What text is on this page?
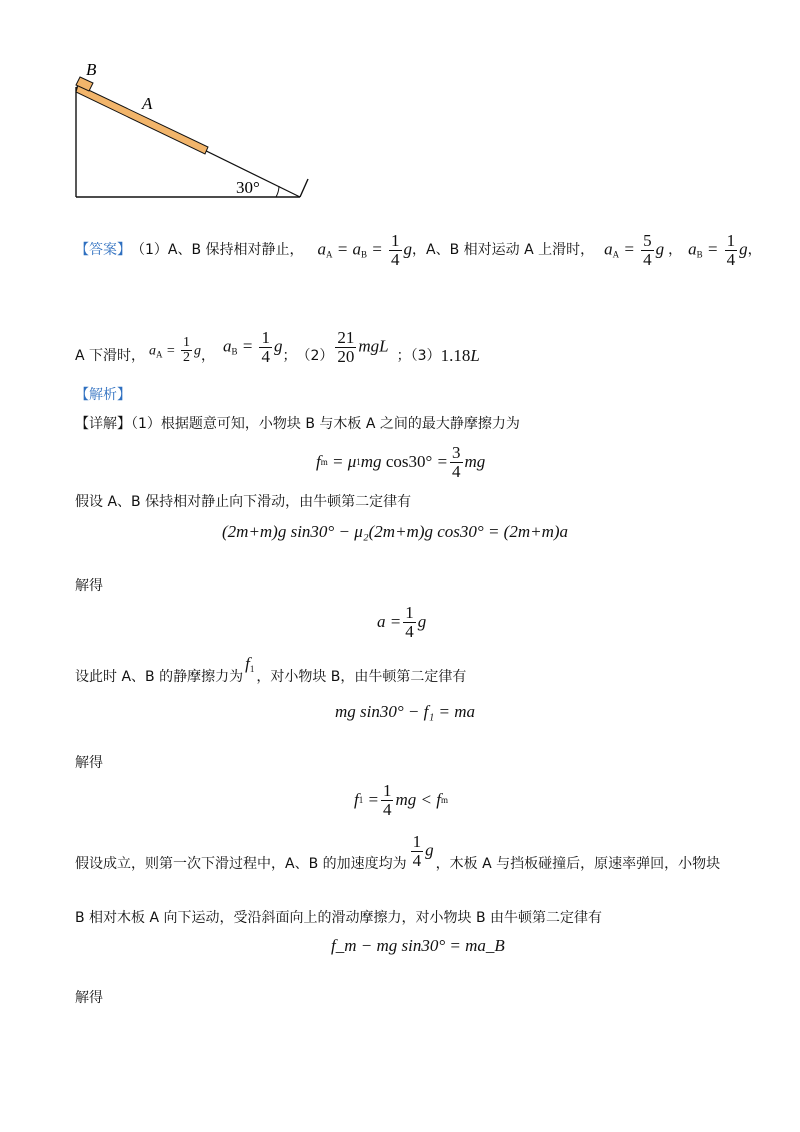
B
A
30°
【答案】 （1）A、B 保持相对静止， $a_A = a_B = \frac{1}{4}$ g ，A、B 相对运动 A 上滑时， $a_A = \frac{5}{4}$ g ， $a_B = \frac{1}{4}$ g ，
A 下滑时， $a_A = \frac{1}{2}$ g ，
$a_B = \frac{1}{4}$ g
； $(2) \frac{21}{20}$ mgL
；（3） 1.18L
【解析】
【详解】（1）根据题意可知，小物块 B 与木板 A 之间的最大静摩擦力为
f m = μ 1 mg
$\cos 30^\circ = \frac{3}{4}$ mg
假设 A、B 保持相对静止向下滑动，由牛顿第二定律有
(2m+m)g sin30° − μ₂(2m+m)g cos30° = (2m+m)a
解得
$a = \frac{1}{4}$ g
设此时 A、B 的静摩擦力为
$f_1$ ，对小物块 B，由牛顿第二定律有
mg sin30° − f₁ = ma
解得
f $1 = \frac{1}{4}$ mg < f m
假设成立，则第一次下滑过程中，A、B 的加速度均为 $\frac{1}{4}$ g
，木板 A 与挡板碰撞后，原速率弹回，小物块
B 相对木板 A 向下运动，受沿斜面向上的滑动摩擦力，对小物块 B 由牛顿第二定律有
f_m − mg sin30° = ma_B
解得
